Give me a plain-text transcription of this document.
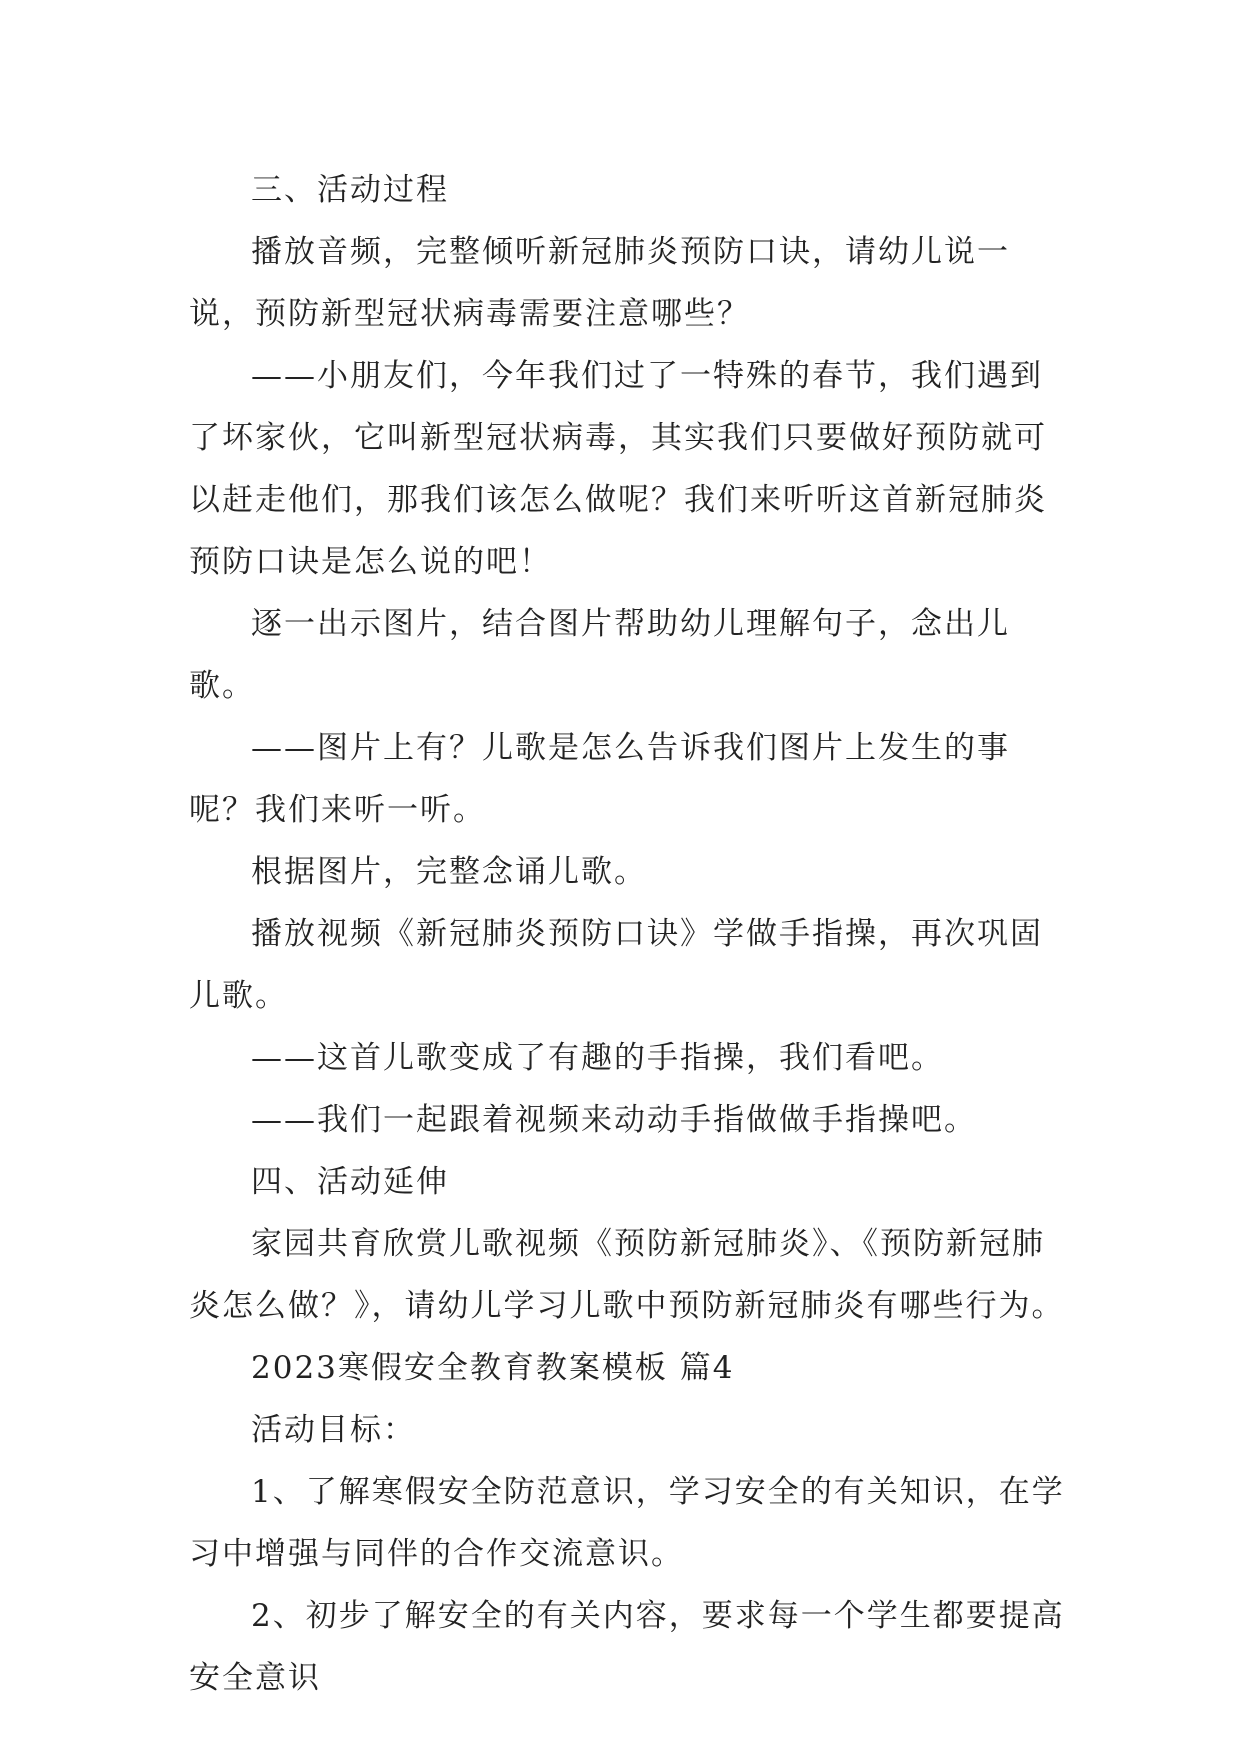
三、活动过程

播放音频，完整倾听新冠肺炎预防口诀，请幼儿说一说，预防新型冠状病毒需要注意哪些？

——小朋友们，今年我们过了一特殊的春节，我们遇到了坏家伙，它叫新型冠状病毒，其实我们只要做好预防就可以赶走他们，那我们该怎么做呢？我们来听听这首新冠肺炎预防口诀是怎么说的吧！

逐一出示图片，结合图片帮助幼儿理解句子，念出儿歌。

——图片上有？儿歌是怎么告诉我们图片上发生的事呢？我们来听一听。

根据图片，完整念诵儿歌。

播放视频《新冠肺炎预防口诀》学做手指操，再次巩固儿歌。

——这首儿歌变成了有趣的手指操，我们看吧。

——我们一起跟着视频来动动手指做做手指操吧。

四、活动延伸

家园共育欣赏儿歌视频《预防新冠肺炎》、《预防新冠肺炎怎么做？》，请幼儿学习儿歌中预防新冠肺炎有哪些行为。

2023寒假安全教育教案模板 篇4

活动目标：

1、了解寒假安全防范意识，学习安全的有关知识，在学习中增强与同伴的合作交流意识。

2、初步了解安全的有关内容，要求每一个学生都要提高安全意识
